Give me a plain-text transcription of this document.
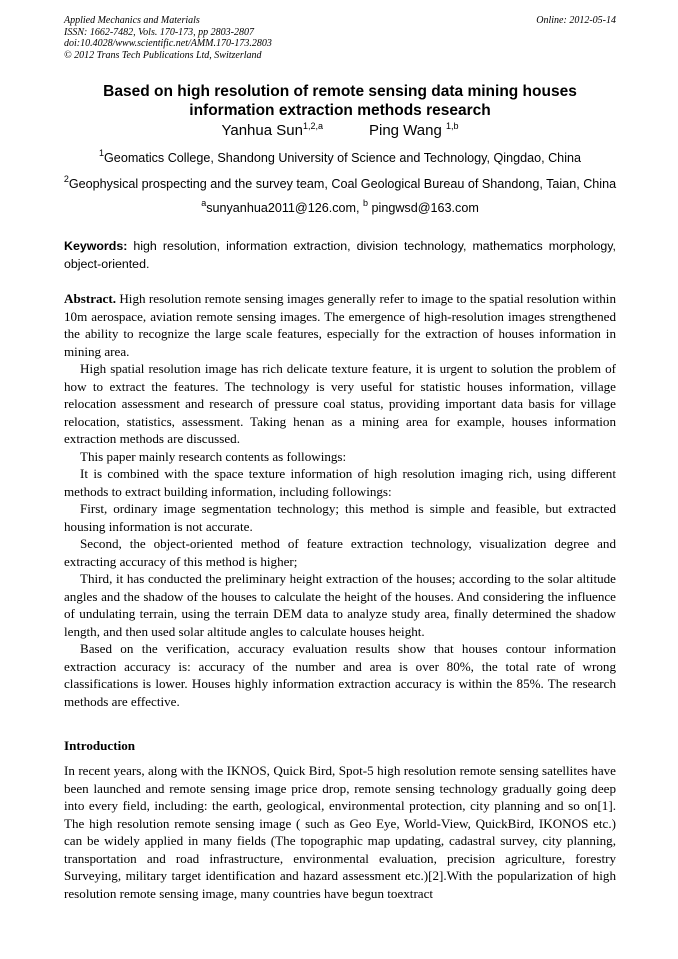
Applied Mechanics and Materials
ISSN: 1662-7482, Vols. 170-173, pp 2803-2807
doi:10.4028/www.scientific.net/AMM.170-173.2803
© 2012 Trans Tech Publications Ltd, Switzerland
Online: 2012-05-14
Based on high resolution of remote sensing data mining houses
information extraction methods research
Yanhua Sun$^{1,2,a}$	Ping Wang $^{1,b}$
$^1$Geomatics College, Shandong University of Science and Technology, Qingdao, China
$^2$Geophysical prospecting and the survey team, Coal Geological Bureau of Shandong, Taian, China
$^a$sunyanhua2011@126.com, $^b$ pingwsd@163.com
Keywords: high resolution, information extraction, division technology, mathematics morphology, object-oriented.

Abstract. High resolution remote sensing images generally refer to image to the spatial resolution within 10m aerospace, aviation remote sensing images. The emergence of high-resolution images strengthened the ability to recognize the large scale features, especially for the extraction of houses information in mining area.

High spatial resolution image has rich delicate texture feature, it is urgent to solution the problem of how to extract the features. The technology is very useful for statistic houses information, village relocation assessment and research of pressure coal status, providing important data basis for village relocation, statistics, assessment. Taking henan as a mining area for example, houses information extraction methods are discussed.

This paper mainly research contents as followings:

It is combined with the space texture information of high resolution imaging rich, using different methods to extract building information, including followings:

First, ordinary image segmentation technology; this method is simple and feasible, but extracted housing information is not accurate.

Second, the object-oriented method of feature extraction technology, visualization degree and extracting accuracy of this method is higher;

Third, it has conducted the preliminary height extraction of the houses; according to the solar altitude angles and the shadow of the houses to calculate the height of the houses. And considering the influence of undulating terrain, using the terrain DEM data to analyze study area, finally determined the shadow length, and then used solar altitude angles to calculate houses height.

Based on the verification, accuracy evaluation results show that houses contour information extraction accuracy is: accuracy of the number and area is over 80%, the total rate of wrong classifications is lower. Houses highly information extraction accuracy is within the 85%. The research methods are effective.

Introduction

In recent years, along with the IKNOS, Quick Bird, Spot-5 high resolution remote sensing satellites have been launched and remote sensing image price drop, remote sensing technology gradually going deep into every field, including: the earth, geological, environmental protection, city planning and so on[1]. The high resolution remote sensing image ( such as Geo Eye, World-View, QuickBird, IKONOS etc.) can be widely applied in many fields (The topographic map updating, cadastral survey, city planning, transportation and road infrastructure, environmental evaluation, precision agriculture, forestry Surveying, military target identification and hazard assessment etc.)[2].With the popularization of high resolution remote sensing image, many countries have begun toextract
